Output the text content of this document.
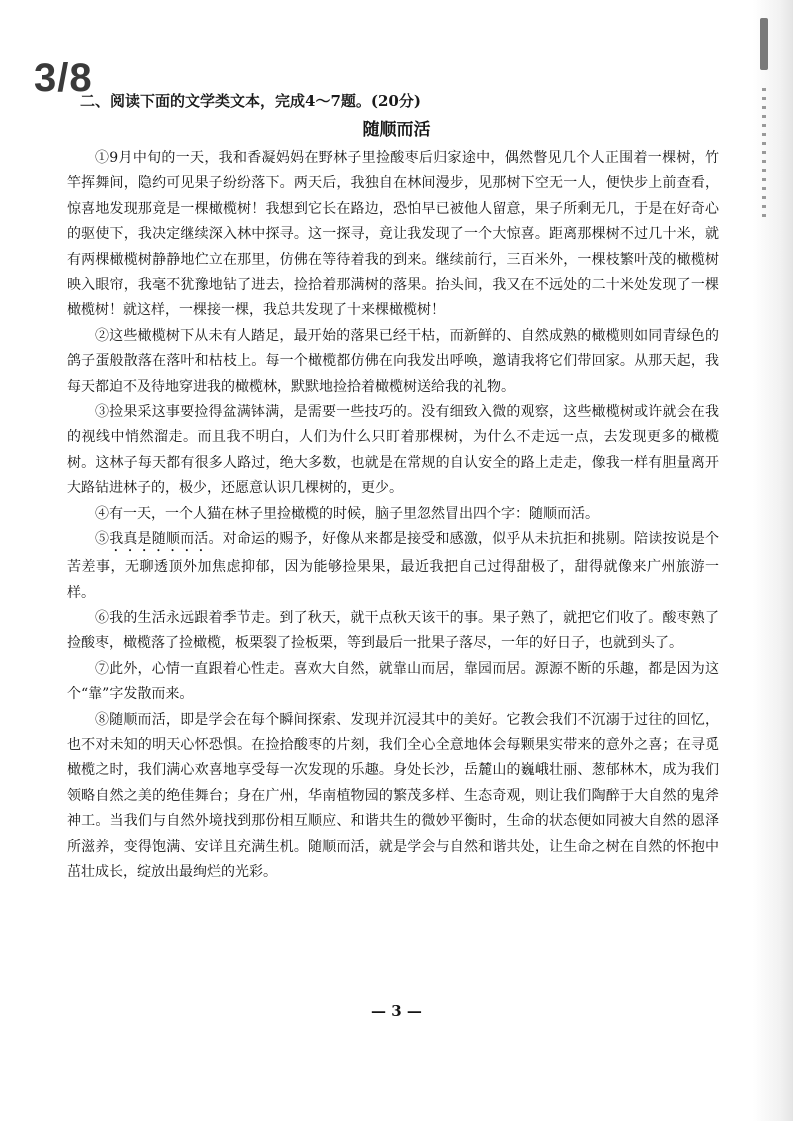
3/8
二、阅读下面的文学类文本，完成4～7题。(20分)
随顺而活

①9月中旬的一天，我和香凝妈妈在野林子里捡酸枣后归家途中，偶然瞥见几个人正围着一棵树，竹竿挥舞间，隐约可见果子纷纷落下。两天后，我独自在林间漫步，见那树下空无一人，便快步上前查看，惊喜地发现那竟是一棵橄榄树！我想到它长在路边，恐怕早已被他人留意，果子所剩无几，于是在好奇心的驱使下，我决定继续深入林中探寻。这一探寻，竟让我发现了一个大惊喜。距离那棵树不过几十米，就有两棵橄榄树静静地伫立在那里，仿佛在等待着我的到来。继续前行，三百米外，一棵枝繁叶茂的橄榄树映入眼帘，我毫不犹豫地钻了进去，捡拾着那满树的落果。抬头间，我又在不远处的二十米处发现了一棵橄榄树！就这样，一棵接一棵，我总共发现了十来棵橄榄树！

②这些橄榄树下从未有人踏足，最开始的落果已经干枯，而新鲜的、自然成熟的橄榄则如同青绿色的鸽子蛋般散落在落叶和枯枝上。每一个橄榄都仿佛在向我发出呼唤，邀请我将它们带回家。从那天起，我每天都迫不及待地穿进我的橄榄林，默默地捡拾着橄榄树送给我的礼物。

③捡果采这事要捡得盆满钵满，是需要一些技巧的。没有细致入微的观察，这些橄榄树或许就会在我的视线中悄然溜走。而且我不明白，人们为什么只盯着那棵树，为什么不走远一点，去发现更多的橄榄树。这林子每天都有很多人路过，绝大多数，也就是在常规的自认安全的路上走走，像我一样有胆量离开大路钻进林子的，极少，还愿意认识几棵树的，更少。

④有一天，一个人猫在林子里捡橄榄的时候，脑子里忽然冒出四个字：随顺而活。

⑤我真是随顺而活。对命运的赐予，好像从来都是接受和感激，似乎从未抗拒和挑剔。陪读按说是个苦差事，无聊透顶外加焦虑抑郁，因为能够捡果果，最近我把自己过得甜极了，甜得就像来广州旅游一样。

⑥我的生活永远跟着季节走。到了秋天，就干点秋天该干的事。果子熟了，就把它们收了。酸枣熟了捡酸枣，橄榄落了捡橄榄，板栗裂了捡板栗，等到最后一批果子落尽，一年的好日子，也就到头了。

⑦此外，心情一直跟着心性走。喜欢大自然，就靠山而居，靠园而居。源源不断的乐趣，都是因为这个“靠”字发散而来。

⑧随顺而活，即是学会在每个瞬间探索、发现并沉浸其中的美好。它教会我们不沉溺于过往的回忆，也不对未知的明天心怀恐惧。在捡拾酸枣的片刻，我们全心全意地体会每颗果实带来的意外之喜；在寻觅橄榄之时，我们满心欢喜地享受每一次发现的乐趣。身处长沙，岳麓山的巍峨壮丽、葱郁林木，成为我们领略自然之美的绝佳舞台；身在广州，华南植物园的繁茂多样、生态奇观，则让我们陶醉于大自然的鬼斧神工。当我们与自然外境找到那份相互顺应、和谐共生的微妙平衡时，生命的状态便如同被大自然的恩泽所滋养，变得饱满、安详且充满生机。随顺而活，就是学会与自然和谐共处，让生命之树在自然的怀抱中茁壮成长，绽放出最绚烂的光彩。

— 3 —
